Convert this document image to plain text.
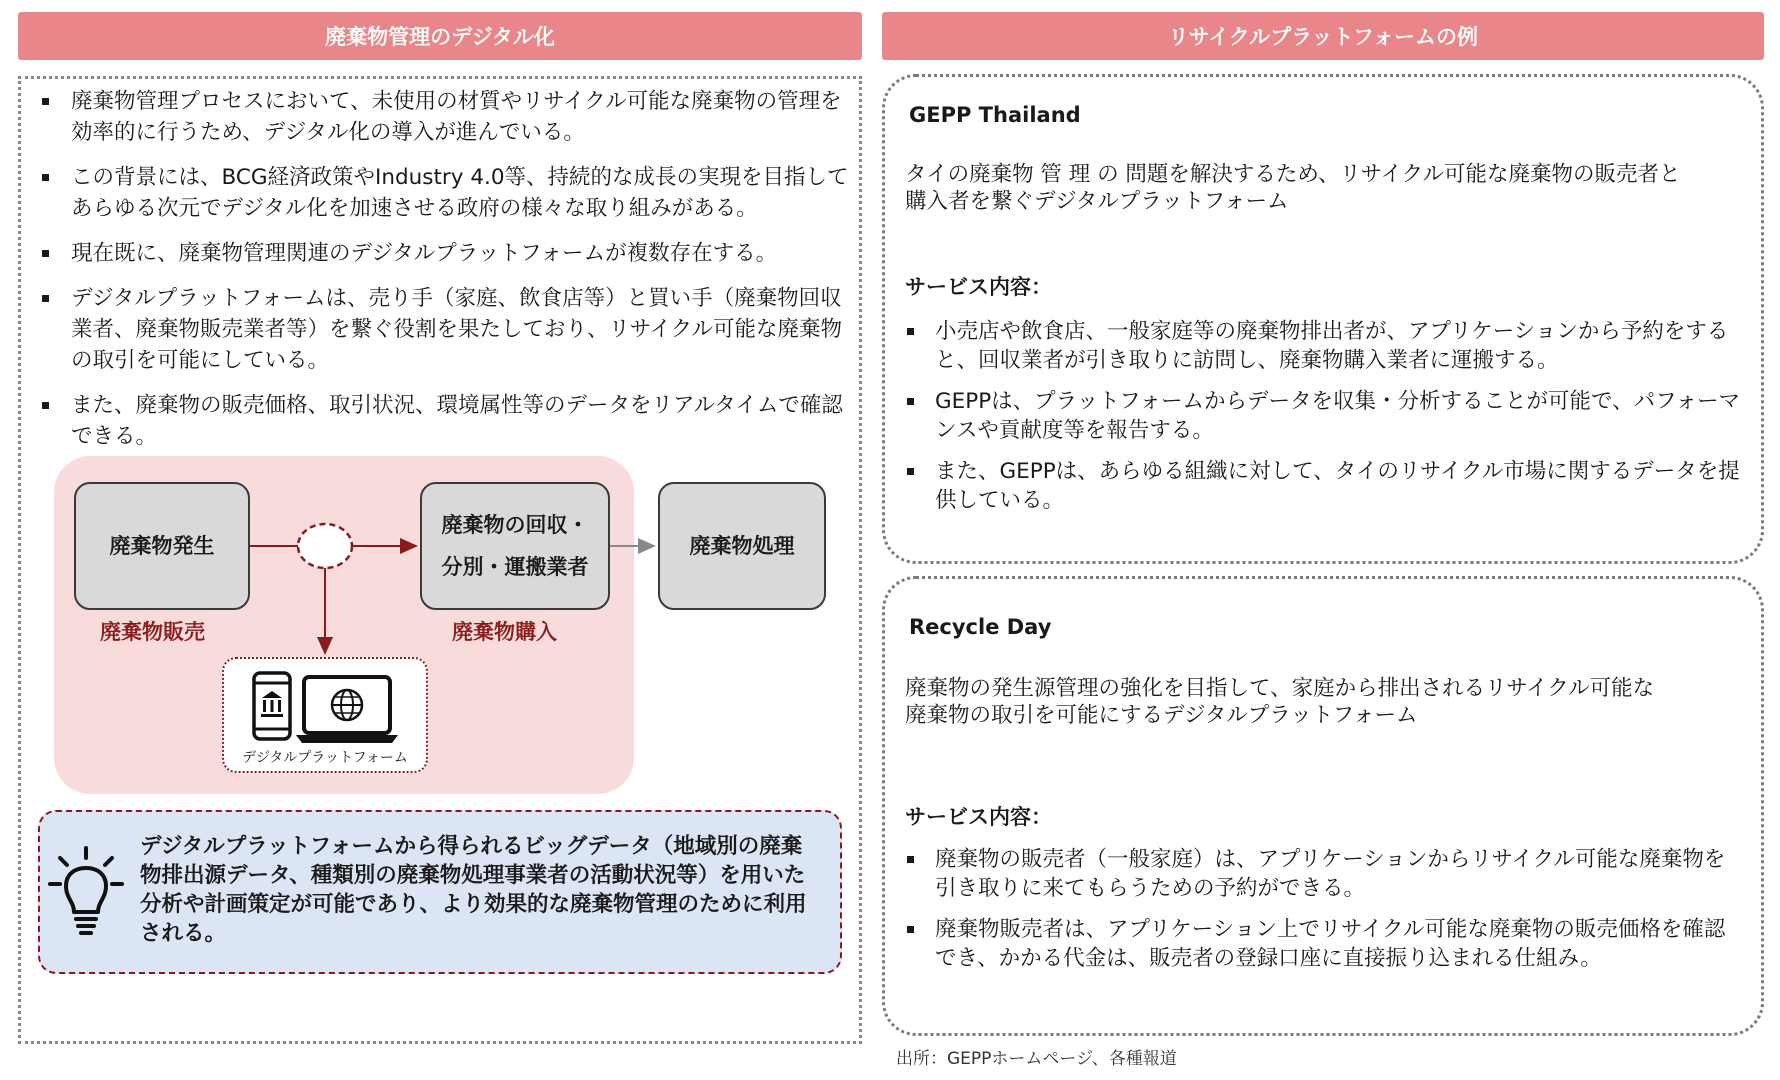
廃棄物管理のデジタル化	リサイクルプラットフォームの例
廃棄物管理プロセスにおいて、未使用の材質やリサイクル可能な廃棄物の管理を効率的に行うため、デジタル化の導入が進んでいる。
この背景には、BCG経済政策やIndustry 4.0等、持続的な成長の実現を目指してあらゆる次元でデジタル化を加速させる政府の様々な取り組みがある。
現在既に、廃棄物管理関連のデジタルプラットフォームが複数存在する。
デジタルプラットフォームは、売り手（家庭、飲食店等）と買い手（廃棄物回収業者、廃棄物販売業者等）を繋ぐ役割を果たしており、リサイクル可能な廃棄物の取引を可能にしている。
また、廃棄物の販売価格、取引状況、環境属性等のデータをリアルタイムで確認できる。
廃棄物発生
廃棄物の回収・
分別・運搬業者
廃棄物処理
廃棄物販売	廃棄物購入
デジタルプラットフォーム
デジタルプラットフォームから得られるビッグデータ（地域別の廃棄物排出源データ、種類別の廃棄物処理事業者の活動状況等）を用いた分析や計画策定が可能であり、より効果的な廃棄物管理のために利用される。
GEPP Thailand
タイの廃棄物 管 理 の 問題を解決するため、リサイクル可能な廃棄物の販売者と
購入者を繋ぐデジタルプラットフォーム
サービス内容：
小売店や飲食店、一般家庭等の廃棄物排出者が、アプリケーションから予約をすると、回収業者が引き取りに訪問し、廃棄物購入業者に運搬する。
GEPPは、プラットフォームからデータを収集・分析することが可能で、パフォーマンスや貢献度等を報告する。
また、GEPPは、あらゆる組織に対して、タイのリサイクル市場に関するデータを提供している。
Recycle Day
廃棄物の発生源管理の強化を目指して、家庭から排出されるリサイクル可能な
廃棄物の取引を可能にするデジタルプラットフォーム
サービス内容：
廃棄物の販売者（一般家庭）は、アプリケーションからリサイクル可能な廃棄物を引き取りに来てもらうための予約ができる。
廃棄物販売者は、アプリケーション上でリサイクル可能な廃棄物の販売価格を確認でき、かかる代金は、販売者の登録口座に直接振り込まれる仕組み。
出所：GEPPホームページ、各種報道
